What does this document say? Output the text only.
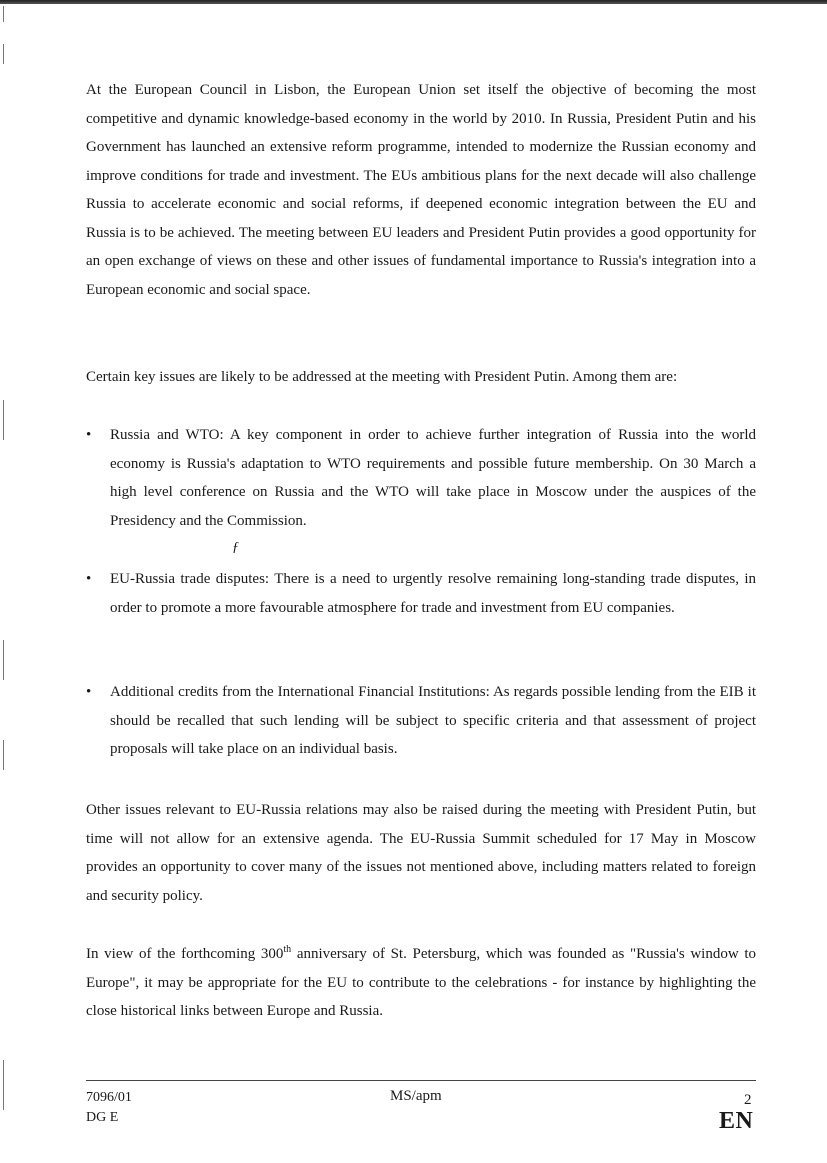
At the European Council in Lisbon, the European Union set itself the objective of becoming the most competitive and dynamic knowledge-based economy in the world by 2010. In Russia, President Putin and his Government has launched an extensive reform programme, intended to modernize the Russian economy and improve conditions for trade and investment. The EUs ambitious plans for the next decade will also challenge Russia to accelerate economic and social reforms, if deepened economic integration between the EU and Russia is to be achieved. The meeting between EU leaders and President Putin provides a good opportunity for an open exchange of views on these and other issues of fundamental importance to Russia's integration into a European economic and social space.

Certain key issues are likely to be addressed at the meeting with President Putin. Among them are:

• Russia and WTO: A key component in order to achieve further integration of Russia into the world economy is Russia's adaptation to WTO requirements and possible future membership. On 30 March a high level conference on Russia and the WTO will take place in Moscow under the auspices of the Presidency and the Commission.

• EU-Russia trade disputes: There is a need to urgently resolve remaining long-standing trade disputes, in order to promote a more favourable atmosphere for trade and investment from EU companies.

• Additional credits from the International Financial Institutions: As regards possible lending from the EIB it should be recalled that such lending will be subject to specific criteria and that assessment of project proposals will take place on an individual basis.

Other issues relevant to EU-Russia relations may also be raised during the meeting with President Putin, but time will not allow for an extensive agenda. The EU-Russia Summit scheduled for 17 May in Moscow provides an opportunity to cover many of the issues not mentioned above, including matters related to foreign and security policy.

In view of the forthcoming 300th anniversary of St. Petersburg, which was founded as "Russia's window to Europe", it may be appropriate for the EU to contribute to the celebrations - for instance by highlighting the close historical links between Europe and Russia.

ƒ
7096/01
DG E
MS/apm	2
EN
